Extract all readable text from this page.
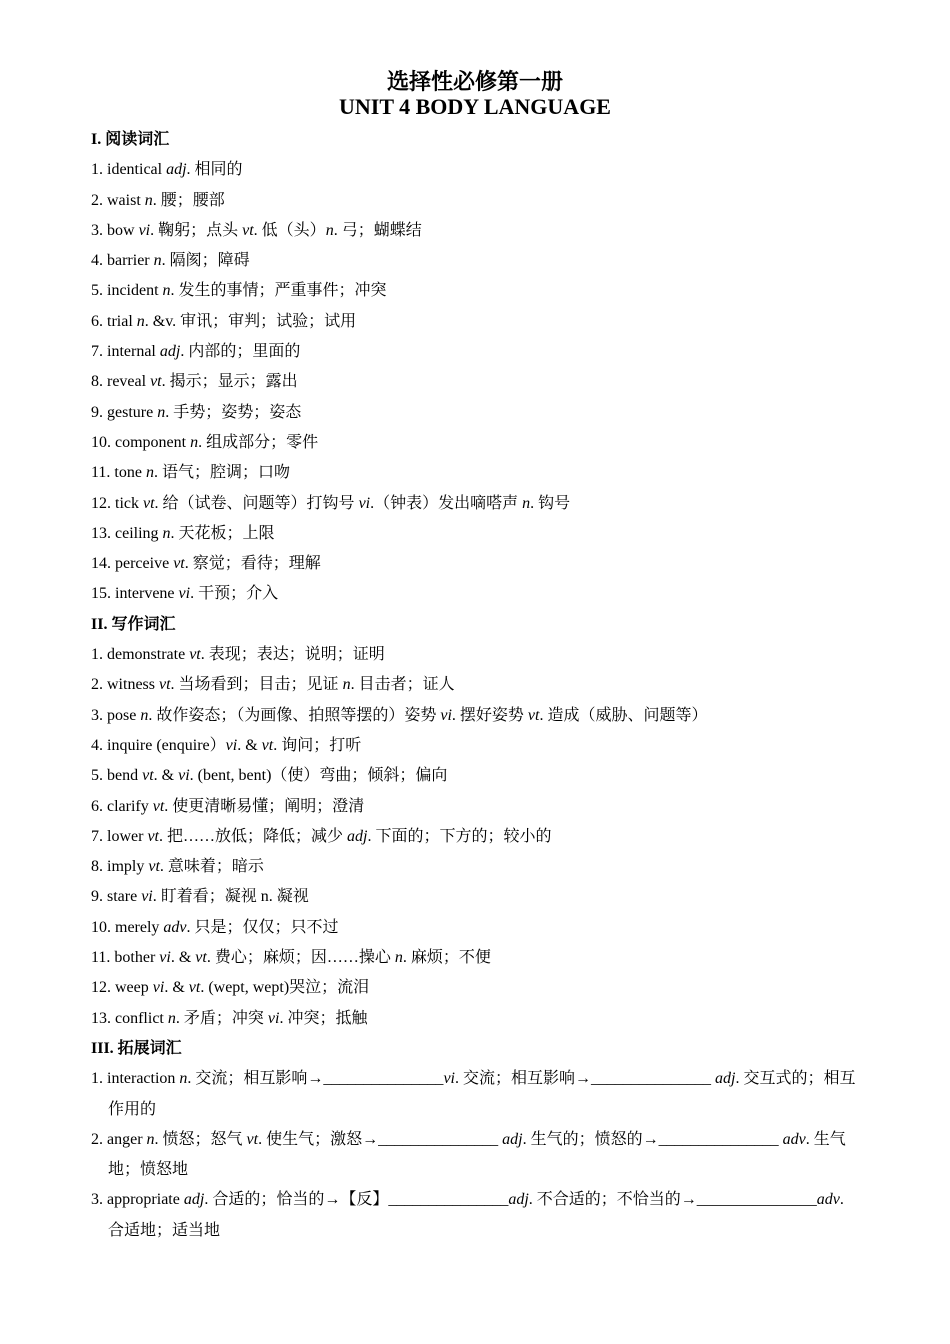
选择性必修第一册
UNIT 4 BODY LANGUAGE
I. 阅读词汇
1. identical adj. 相同的
2. waist n. 腰；腰部
3. bow vi. 鞠躬；点头 vt. 低（头）n. 弓；蝴蝶结
4. barrier n. 隔阂；障碍
5. incident n. 发生的事情；严重事件；冲突
6. trial n. &v. 审讯；审判；试验；试用
7. internal adj. 内部的；里面的
8. reveal vt. 揭示；显示；露出
9. gesture n. 手势；姿势；姿态
10. component n. 组成部分；零件
11. tone n. 语气；腔调；口吻
12. tick vt. 给（试卷、问题等）打钩号 vi.（钟表）发出嘀嗒声 n. 钩号
13. ceiling n. 天花板；上限
14. perceive vt. 察觉；看待；理解
15. intervene vi. 干预；介入
II. 写作词汇
1. demonstrate vt. 表现；表达；说明；证明
2. witness vt. 当场看到；目击；见证 n. 目击者；证人
3. pose n. 故作姿态；（为画像、拍照等摆的）姿势 vi. 摆好姿势 vt. 造成（威胁、问题等）
4. inquire (enquire）vi. & vt. 询问；打听
5. bend vt. & vi. (bent, bent)（使）弯曲；倾斜；偏向
6. clarify vt. 使更清晰易懂；阐明；澄清
7. lower vt. 把……放低；降低；减少 adj. 下面的；下方的；较小的
8. imply vt. 意味着；暗示
9. stare vi. 盯着看；凝视 n. 凝视
10. merely adv. 只是；仅仅；只不过
11. bother vi. & vt. 费心；麻烦；因……操心 n. 麻烦；不便
12. weep vi. & vt. (wept, wept)哭泣；流泪
13. conflict n. 矛盾；冲突 vi. 冲突；抵触
III. 拓展词汇
1. interaction n. 交流；相互影响→_______________vi. 交流；相互影响→_______________ adj. 交互式的；相互作用的
2. anger n. 愤怒；怒气 vt. 使生气；激怒→_______________ adj. 生气的；愤怒的→_______________ adv. 生气地；愤怒地
3. appropriate adj. 合适的；恰当的→【反】_______________adj. 不合适的；不恰当的→_______________adv. 合适地；适当地
